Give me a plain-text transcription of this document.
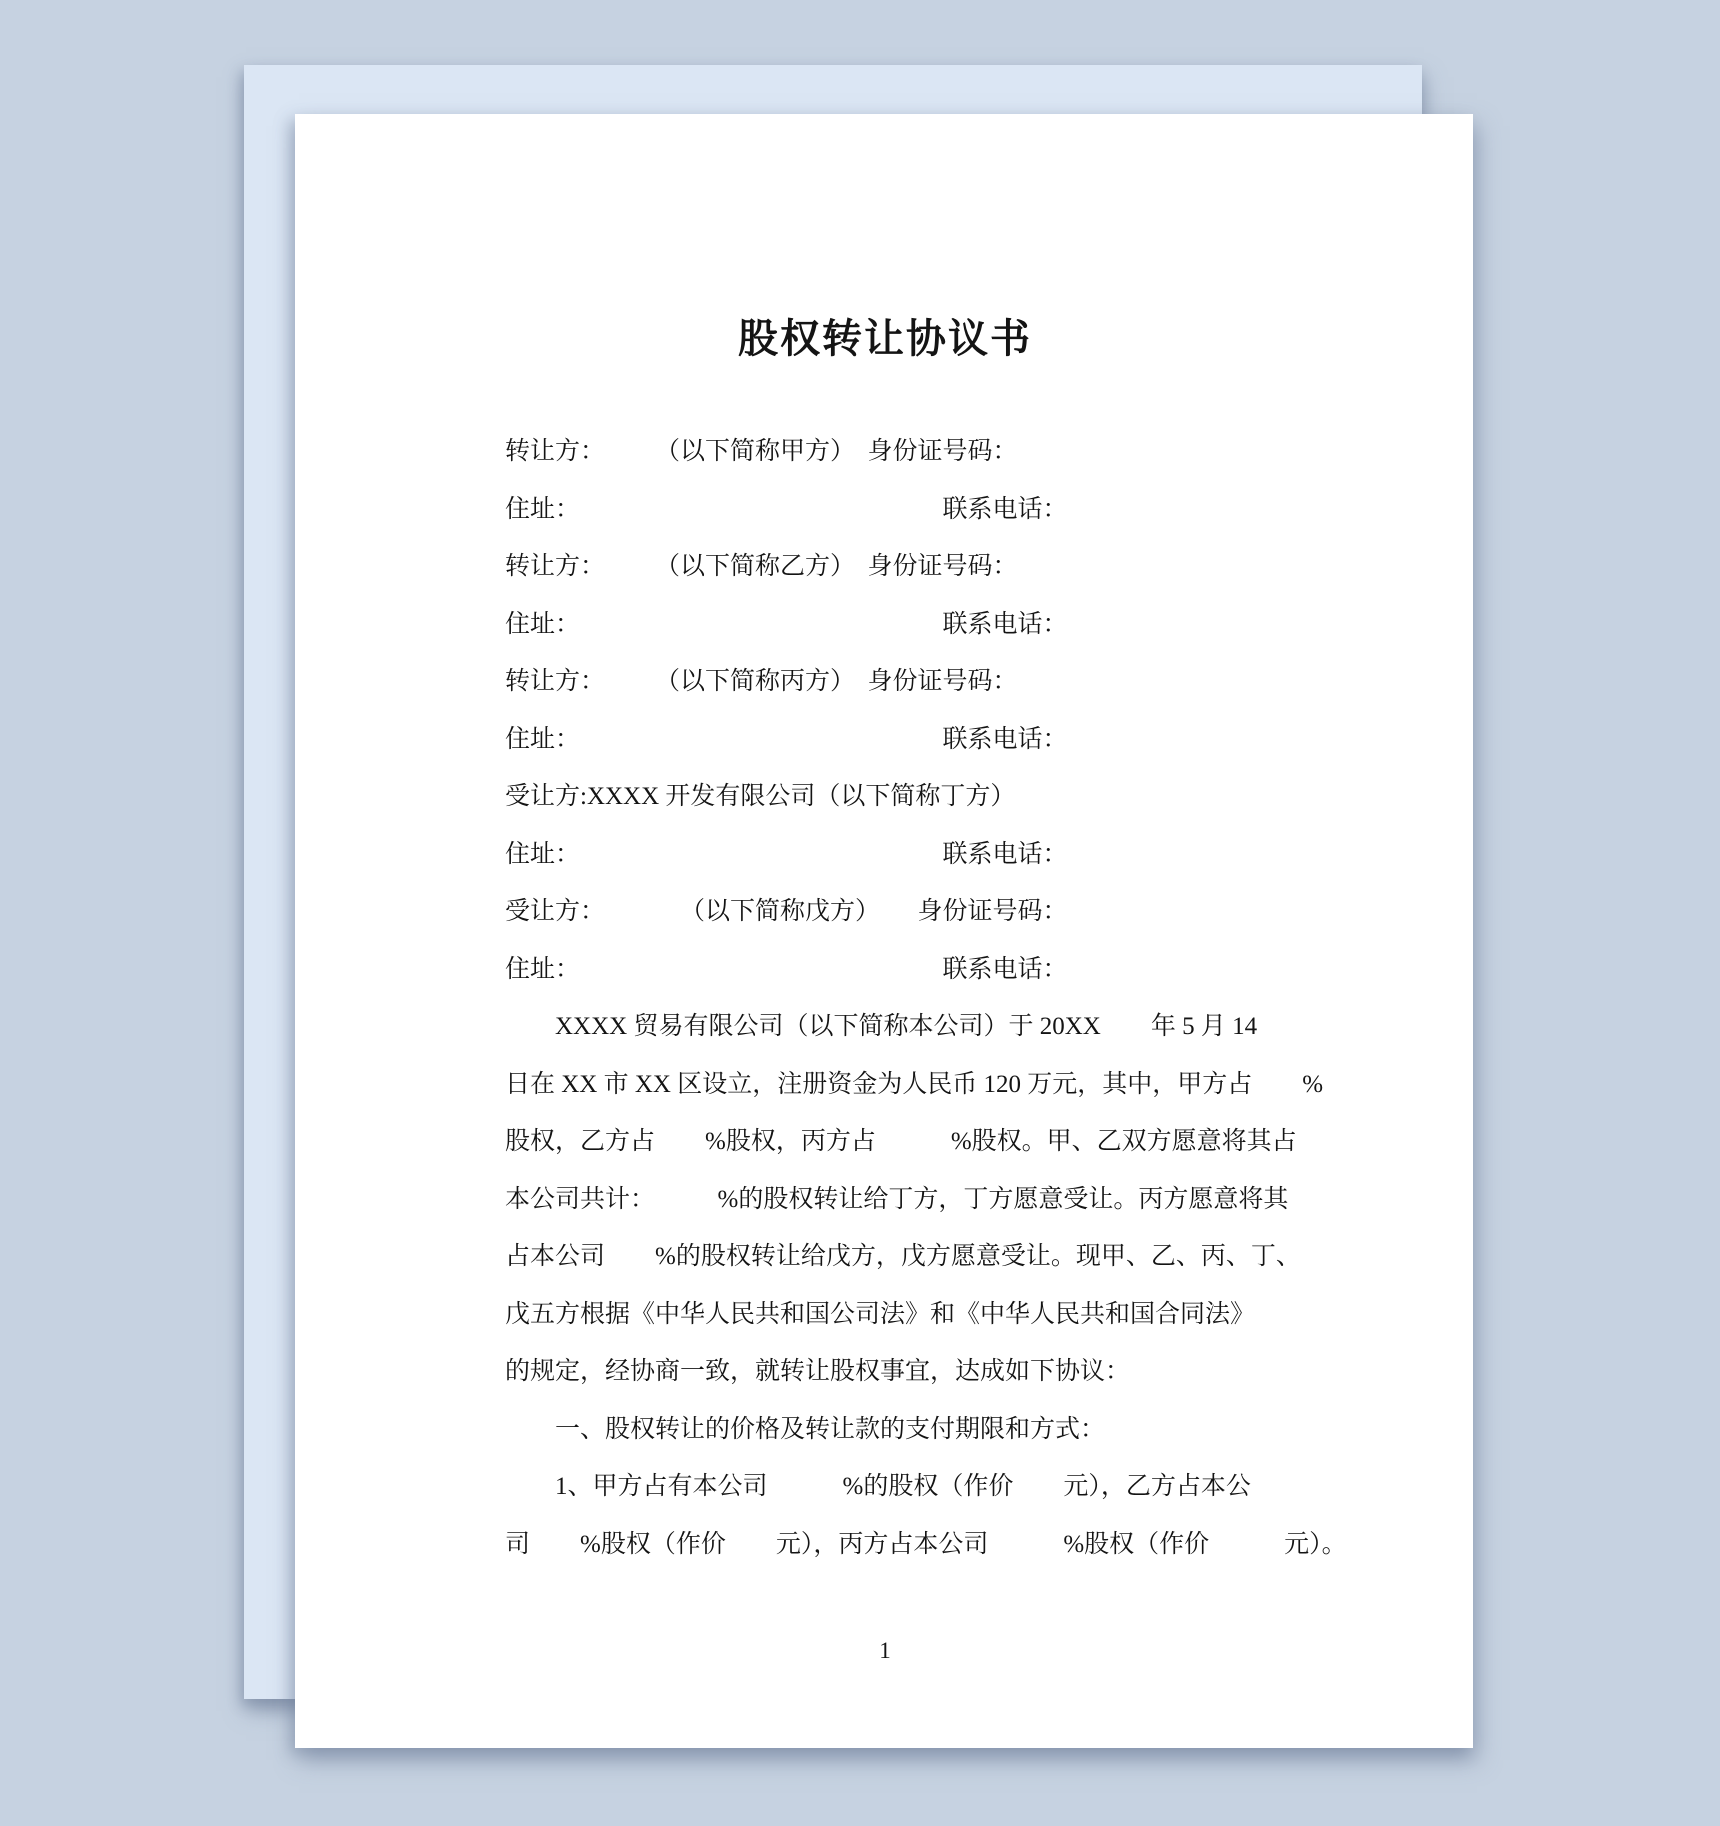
股权转让协议书
转让方：　　　（以下简称甲方）　身份证号码：
住址：　　　　　　　　　　　　　　　联系电话：
转让方：　　　（以下简称乙方）　身份证号码：
住址：　　　　　　　　　　　　　　　联系电话：
转让方：　　　（以下简称丙方）　身份证号码：
住址：　　　　　　　　　　　　　　　联系电话：
受让方:XXXX 开发有限公司（以下简称丁方）
住址：　　　　　　　　　　　　　　　联系电话：
受让方：　　　　（以下简称戊方）　　身份证号码：
住址：　　　　　　　　　　　　　　　联系电话：
　　XXXX 贸易有限公司（以下简称本公司）于 20XX　　年 5 月 14
日在 XX 市 XX 区设立，注册资金为人民币 120 万元，其中，甲方占　　%
股权，乙方占　　%股权，丙方占　　　%股权。甲、乙双方愿意将其占
本公司共计：　　　%的股权转让给丁方，丁方愿意受让。丙方愿意将其
占本公司　　%的股权转让给戊方，戊方愿意受让。现甲、乙、丙、丁、
戊五方根据《中华人民共和国公司法》和《中华人民共和国合同法》
的规定，经协商一致，就转让股权事宜，达成如下协议：
　　一、股权转让的价格及转让款的支付期限和方式：
　　1、甲方占有本公司　　　%的股权（作价　　元），乙方占本公
司　　%股权（作价　　元），丙方占本公司　　　%股权（作价　　　元）。
1
